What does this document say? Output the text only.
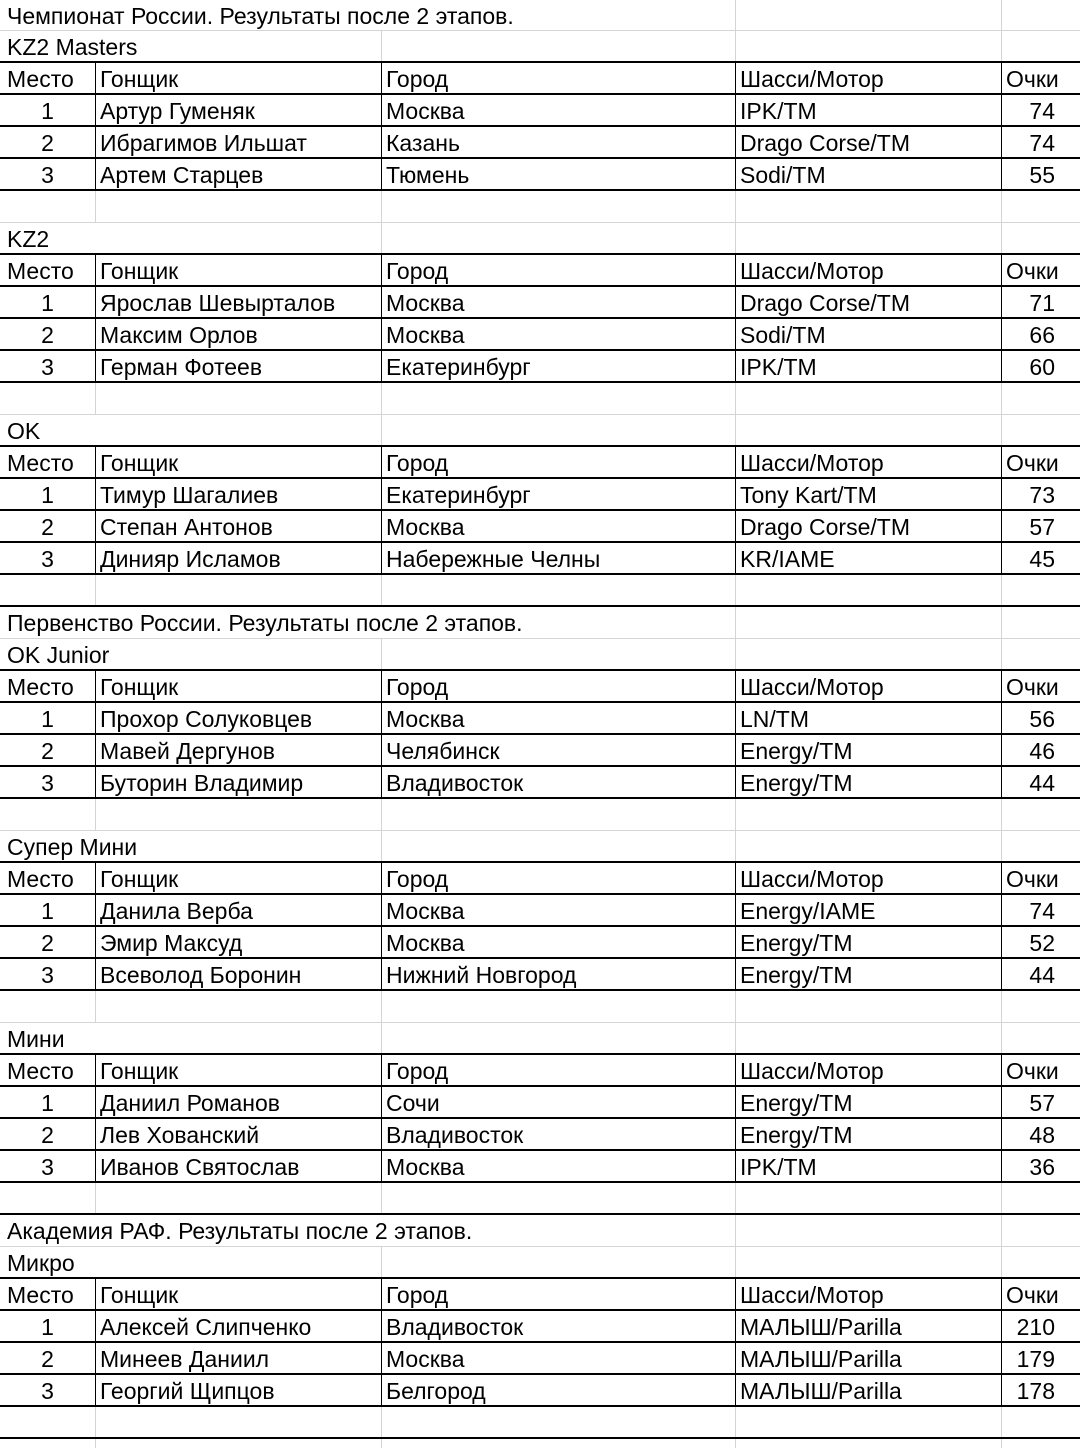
Чемпионат России. Результаты после 2 этапов.
KZ2 Masters
Место	Гонщик	Город	Шасси/Мотор	Очки
1	Артур Гуменяк	Москва	IPK/TM	74
2	Ибрагимов Ильшат	Казань	Drago Corse/TM	74
3	Артем Старцев	Тюмень	Sodi/TM	55
KZ2
Место	Гонщик	Город	Шасси/Мотор	Очки
1	Ярослав Шевырталов	Москва	Drago Corse/TM	71
2	Максим Орлов	Москва	Sodi/TM	66
3	Герман Фотеев	Екатеринбург	IPK/TM	60
OK
Место	Гонщик	Город	Шасси/Мотор	Очки
1	Тимур Шагалиев	Екатеринбург	Tony Kart/TM	73
2	Степан Антонов	Москва	Drago Corse/TM	57
3	Динияр Исламов	Набережные Челны	KR/IAME	45
Первенство России. Результаты после 2 этапов.
OK Junior
Место	Гонщик	Город	Шасси/Мотор	Очки
1	Прохор Солуковцев	Москва	LN/TM	56
2	Мавей Дергунов	Челябинск	Energy/TM	46
3	Буторин Владимир	Владивосток	Energy/TM	44
Супер Мини
Место	Гонщик	Город	Шасси/Мотор	Очки
1	Данила Верба	Москва	Energy/IAME	74
2	Эмир Максуд	Москва	Energy/TM	52
3	Всеволод Боронин	Нижний Новгород	Energy/TM	44
Мини
Место	Гонщик	Город	Шасси/Мотор	Очки
1	Даниил Романов	Сочи	Energy/TM	57
2	Лев Хованский	Владивосток	Energy/TM	48
3	Иванов Святослав	Москва	IPK/TM	36
Академия РАФ. Результаты после 2 этапов.
Микро
Место	Гонщик	Город	Шасси/Мотор	Очки
1	Алексей Слипченко	Владивосток	МАЛЫШ/Parilla	210
2	Минеев Даниил	Москва	МАЛЫШ/Parilla	179
3	Георгий Щипцов	Белгород	МАЛЫШ/Parilla	178
